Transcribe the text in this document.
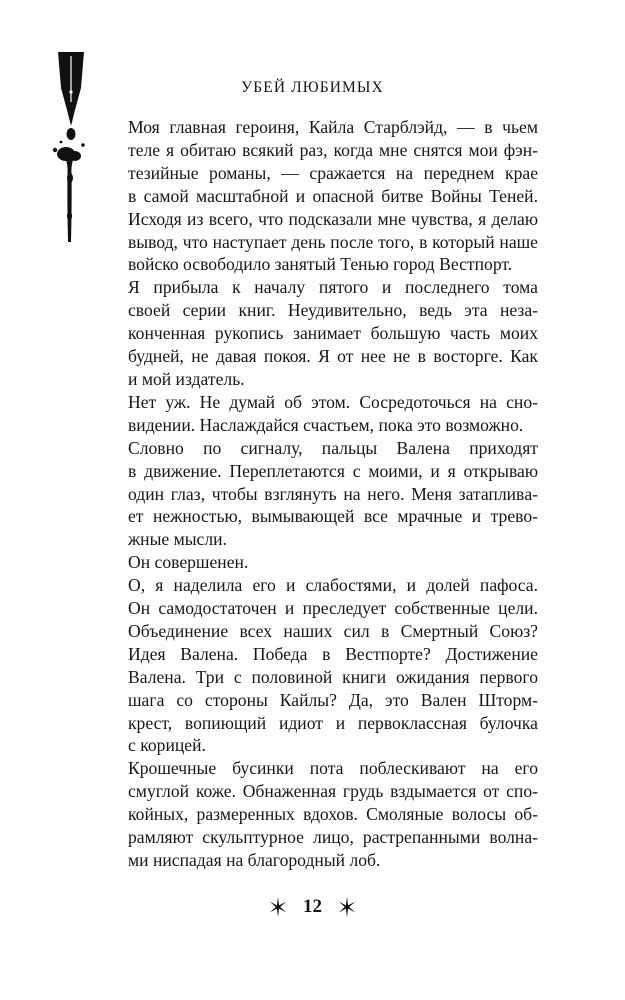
УБЕЙ ЛЮБИМЫХ

Моя главная героиня, Кайла Старблэйд, — в чьем
теле я обитаю всякий раз, когда мне снятся мои фэн-
тезийные романы, — сражается на переднем крае
в самой масштабной и опасной битве Войны Теней.
Исходя из всего, что подсказали мне чувства, я делаю
вывод, что наступает день после того, в который наше
войско освободило занятый Тенью город Вестпорт.

Я прибыла к началу пятого и последнего тома
своей серии книг. Неудивительно, ведь эта неза-
конченная рукопись занимает большую часть моих
будней, не давая покоя. Я от нее не в восторге. Как
и мой издатель.

Нет уж. Не думай об этом. Сосредоточься на сно-
видении. Наслаждайся счастьем, пока это возможно.

Словно по сигналу, пальцы Валена приходят
в движение. Переплетаются с моими, и я открываю
один глаз, чтобы взглянуть на него. Меня затапливa-
ет нежностью, вымывающей все мрачные и трево-
жные мысли.

Он совершенен.

О, я наделила его и слабостями, и долей пафоса.
Он самодостаточен и преследует собственные цели.
Объединение всех наших сил в Смертный Союз?
Идея Валена. Победа в Вестпорте? Достижение
Валена. Три с половиной книги ожидания первого
шага со стороны Кайлы? Да, это Вален Шторм-
крест, вопиющий идиот и первоклассная булочка
с корицей.

Крошечные бусинки пота поблескивают на его
смуглой коже. Обнаженная грудь вздымается от спо-
койных, размеренных вдохов. Смоляные волосы об-
рамляют скульптурное лицо, растрепанными волна-
ми ниспадая на благородный лоб.

12
